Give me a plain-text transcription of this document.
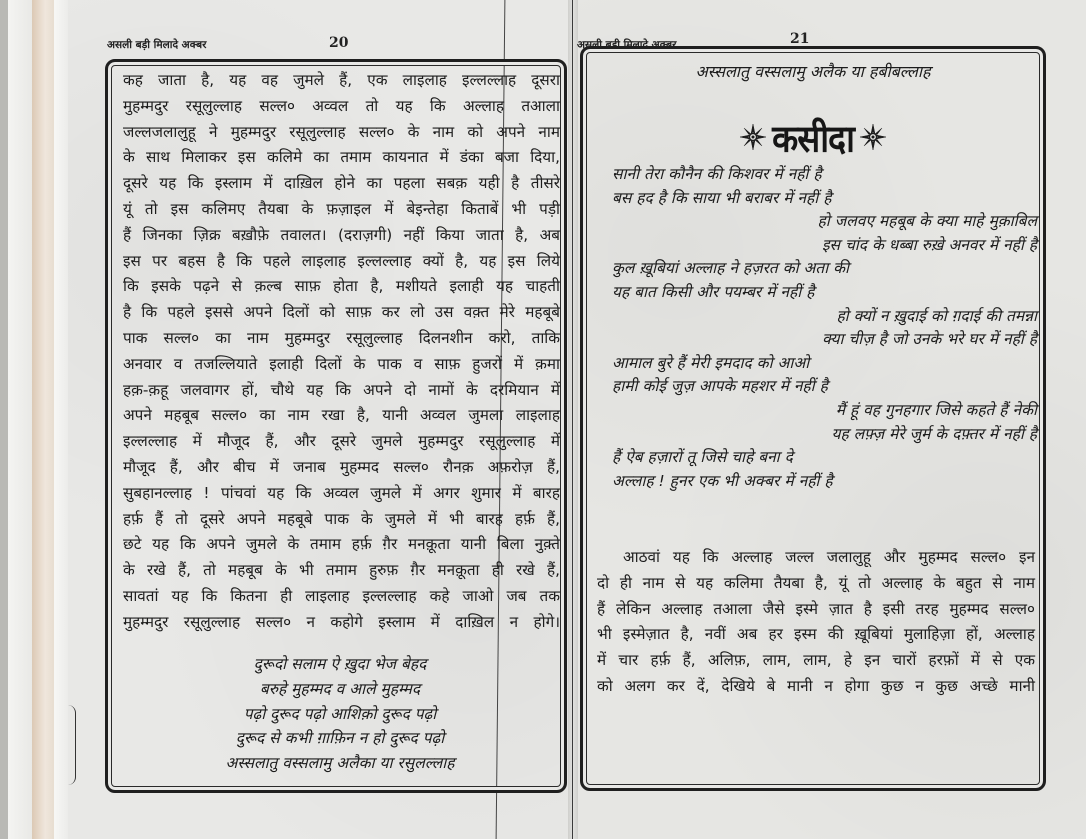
असली बड़ी मिलादे अक्बर	20
कह जाता है, यह वह जुमले हैं, एक लाइलाह इल्लल्लाह दूसरा
मुहम्मदुर रसूलुल्लाह सल्ल० अव्वल तो यह कि अल्लाह तआला
जल्लजलालुहू ने मुहम्मदुर रसूलुल्लाह सल्ल० के नाम को अपने नाम
के साथ मिलाकर इस कलिमे का तमाम कायनात में डंका बजा दिया,
दूसरे यह कि इस्लाम में दाख़िल होने का पहला सबक़ यही है तीसरे
यूं तो इस कलिमए तैयबा के फ़ज़ाइल में बेइन्तेहा किताबें भी पड़ी
हैं जिनका ज़िक्र बख़ौफ़े तवालत। (दराज़गी) नहीं किया जाता है, अब
इस पर बहस है कि पहले लाइलाह इल्लल्लाह क्यों है, यह इस लिये
कि इसके पढ़ने से क़ल्ब साफ़ होता है, मशीयते इलाही यह चाहती
है कि पहले इससे अपने दिलों को साफ़ कर लो उस वक़्त मेरे महबूबे
पाक सल्ल० का नाम मुहम्मदुर रसूलुल्लाह दिलनशीन करो, ताकि
अनवार व तजल्लियाते इलाही दिलों के पाक व साफ़ हुजरों में क़मा
हक़-क़हू जलवागर हों, चौथे यह कि अपने दो नामों के दरमियान में
अपने महबूब सल्ल० का नाम रखा है, यानी अव्वल जुमला लाइलाह
इल्लल्लाह में मौजूद हैं, और दूसरे जुमले मुहम्मदुर रसूलुल्लाह में
मौजूद हैं, और बीच में जनाब मुहम्मद सल्ल० रौनक़ अफ़रोज़ हैं,
सुबहानल्लाह ! पांचवां यह कि अव्वल जुमले में अगर शुमार में बारह
हर्फ़ हैं तो दूसरे अपने महबूबे पाक के जुमले में भी बारह हर्फ़ हैं,
छटे यह कि अपने जुमले के तमाम हर्फ़ ग़ैर मनक़ूता यानी बिला नुक़्ते
के रखे हैं, तो महबूब के भी तमाम हुरुफ़ ग़ैर मनक़ूता ही रखे हैं,
सावतां यह कि कितना ही लाइलाह इल्लल्लाह कहे जाओ जब तक
मुहम्मदुर रसूलुल्लाह सल्ल० न कहोगे इस्लाम में दाख़िल न होगे।
दुरूदो सलाम ऐ ख़ुदा भेज बेहद
बरुहे मुहम्मद व आले मुहम्मद
पढ़ो दुरूद पढ़ो आशिक़ो दुरूद पढ़ो
दुरूद से कभी ग़ाफ़िन न हो दुरूद पढ़ो
अस्सलातु वस्सलामु अलैका या रसुलल्लाह
असली बड़ी मिलादे अक्बर	21
अस्सलातु वस्सलामु अलैक या हबीबल्लाह
कसीदा
सानी तेरा कौनैन की किशवर में नहीं है
बस हद है कि साया भी बराबर में नहीं है
हो जलवए महबूब के क्या माहे मुक़ाबिल
इस चांद के धब्बा रुख़े अनवर में नहीं है
कुल ख़ूबियां अल्लाह ने हज़रत को अता की
यह बात किसी और पयम्बर में नहीं है
हो क्यों न ख़ुदाई को ग़दाई की तमन्ना
क्या चीज़ है जो उनके भरे घर में नहीं है
आमाल बुरे हैं मेरी इमदाद को आओ
हामी कोई जुज़ आपके महशर में नहीं है
मैं हूं वह गुनहगार जिसे कहते हैं नेकी
यह लफ़्ज़ मेरे जुर्म के दफ़्तर में नहीं है
हैं ऐब हज़ारों तू जिसे चाहे बना दे
अल्लाह ! हुनर एक भी अक्बर में नहीं है
आठवां यह कि अल्लाह जल्ल जलालुहू और मुहम्मद सल्ल० इन
दो ही नाम से यह कलिमा तैयबा है, यूं तो अल्लाह के बहुत से नाम
हैं लेकिन अल्लाह तआला जैसे इस्मे ज़ात है इसी तरह मुहम्मद सल्ल०
भी इस्मेज़ात है, नवीं अब हर इस्म की ख़ूबियां मुलाहिज़ा हों, अल्लाह
में चार हर्फ़ हैं, अलिफ़, लाम, लाम, हे इन चारों हरफ़ों में से एक
को अलग कर दें, देखिये बे मानी न होगा कुछ न कुछ अच्छे मानी
